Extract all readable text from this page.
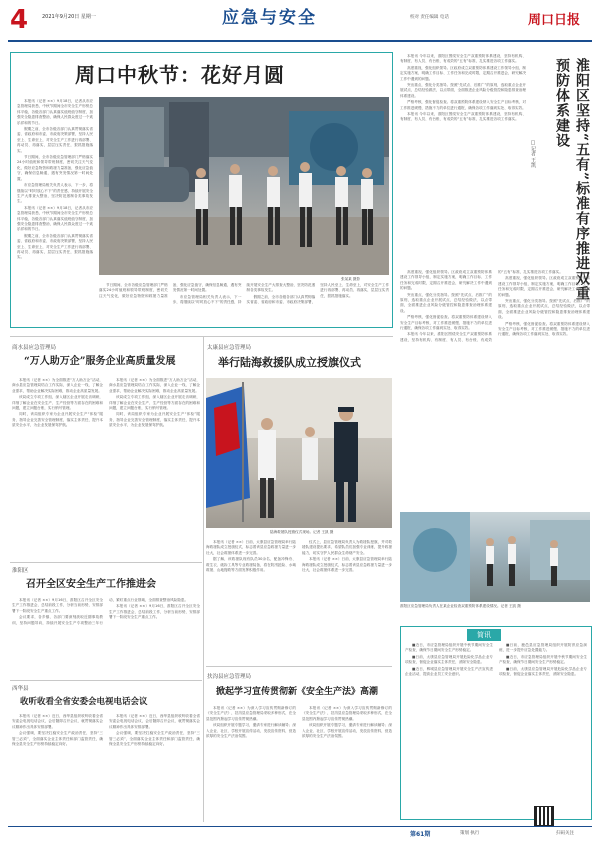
4	2021年9月20日 星期一	应急与安全	校对 责任编辑 电话	周口日报
周口中秋节：花好月圆

本报讯（记者 ××）9月18日，记者从市应急管理局获悉，中秋节期间全市安全生产形势总体平稳，各级各部门认真落实值班值守制度，加强安全隐患排查整治，确保人民群众度过一个欢乐祥和的节日。

假期之前，全市各级各部门认真贯彻落实省委、省政府和市委、市政府决策部署，坚持人民至上、生命至上，对安全生产工作进行再部署、再动员、再落实，层层压实责任，狠抓措施落实。

节日期间，全市各级应急管理部门严格落实24小时值班和领导带班制度，密切关注天气变化，做好应急物资和救援力量准备，强化应急值守，确保信息畅通，遇有突发情况第一时间处置。

市应急管理局相关负责人表示，下一步，将继续以“时时放心不下”的责任感，持续开展安全生产大排查大整治，坚决防范遏制各类事故发生。

本报讯（记者 ××）9月18日，记者从市应急管理局获悉，中秋节期间全市安全生产形势总体平稳，各级各部门认真落实值班值守制度，加强安全隐患排查整治，确保人民群众度过一个欢乐祥和的节日。

假期之前，全市各级各部门认真贯彻落实省委、省政府和市委、市政府决策部署，坚持人民至上、生命至上，对安全生产工作进行再部署、再动员、再落实，层层压实责任，狠抓措施落实。

张某某 摄影

节日期间，全市各级应急管理部门严格落实24小时值班和领导带班制度，密切关注天气变化，做好应急物资和救援力量准备，强化应急值守，确保信息畅通，遇有突发情况第一时间处置。

市应急管理局相关负责人表示，下一步，将继续以“时时放心不下”的责任感，持续开展安全生产大排查大整治，坚决防范遏制各类事故发生。

假期之前，全市各级各部门认真贯彻落实省委、省政府和市委、市政府决策部署，坚持人民至上、生命至上，对安全生产工作进行再部署、再动员、再落实，层层压实责任，狠抓措施落实。

本报讯 今年以来，淮阳区围绕安全生产双重预防体系建设，坚持有机构、有制度、有人员、有台账、有成效的“五有”标准，扎实推进各项工作落实。

高度重视，强化组织领导。区政府成立双重预防体系建设工作领导小组，制定实施方案，明确工作目标、工作任务和完成时限，定期召开推进会，研究解决工作中遇到的问题。

突出重点，强化分类指导。按照“先试点、后推广”的原则，选取重点企业开展试点，总结经验做法，以点带面，全面推进企业风险分级管控和隐患排查治理体系建设。

严格考核，强化督促检查。将双重预防体系建设纳入安全生产目标考核，对工作推进缓慢、措施不力的单位进行通报，确保各项工作落到实处、取得实效。

本报讯 今年以来，淮阳区围绕安全生产双重预防体系建设，坚持有机构、有制度、有人员、有台账、有成效的“五有”标准，扎实推进各项工作落实。	淮阳区坚持“五有”标准有序推进双重预防体系建设
□记者 王凯

高度重视，强化组织领导。区政府成立双重预防体系建设工作领导小组，制定实施方案，明确工作目标、工作任务和完成时限，定期召开推进会，研究解决工作中遇到的问题。

突出重点，强化分类指导。按照“先试点、后推广”的原则，选取重点企业开展试点，总结经验做法，以点带面，全面推进企业风险分级管控和隐患排查治理体系建设。

严格考核，强化督促检查。将双重预防体系建设纳入安全生产目标考核，对工作推进缓慢、措施不力的单位进行通报，确保各项工作落到实处、取得实效。

本报讯 今年以来，淮阳区围绕安全生产双重预防体系建设，坚持有机构、有制度、有人员、有台账、有成效的“五有”标准，扎实推进各项工作落实。

高度重视，强化组织领导。区政府成立双重预防体系建设工作领导小组，制定实施方案，明确工作目标、工作任务和完成时限，定期召开推进会，研究解决工作中遇到的问题。

突出重点，强化分类指导。按照“先试点、后推广”的原则，选取重点企业开展试点，总结经验做法，以点带面，全面推进企业风险分级管控和隐患排查治理体系建设。

严格考核，强化督促检查。将双重预防体系建设纳入安全生产目标考核，对工作推进缓慢、措施不力的单位进行通报，确保各项工作落到实处、取得实效。

淮阳区应急管理局负责人在某企业检查双重预防体系建设情况。记者 王凯 摄
简讯

■近日，市应急管理局组织开展中秋节期间安全生产检查，确保节日期间安全生产形势稳定。

■日前，太康县应急管理局开展危险化学品企业专项检查，督促企业落实主体责任，消除安全隐患。

■近日，郸城县应急管理局开展安全生产法宣传进企业活动，提高企业员工安全意识。

■日前，鹿邑县应急管理局组织开展防汛应急演练，进一步提升应急处置能力。

■近日，市应急管理局组织开展中秋节期间安全生产检查，确保节日期间安全生产形势稳定。

■日前，太康县应急管理局开展危险化学品企业专项检查，督促企业落实主体责任，消除安全隐患。

商水县应急管理局
“万人助万企”服务企业高质量发展

本报讯（记者 ××）为全面推进“万人助万企”活动，商水县应急管理局结合工作实际，深入企业一线，了解企业需求，帮助企业解决实际困难，推动企业高质量发展。

该局成立专项工作组，深入辖区企业开展走访调研，详细了解企业在安全生产、生产经营等方面存在的困难和问题，建立问题台账，实行销号管理。

同时，该局组织专家为企业开展安全生产“体检”服务，指导企业完善安全管理制度，落实主体责任，提升本质安全水平，为企业发展保驾护航。

本报讯（记者 ××）为全面推进“万人助万企”活动，商水县应急管理局结合工作实际，深入企业一线，了解企业需求，帮助企业解决实际困难，推动企业高质量发展。

该局成立专项工作组，深入辖区企业开展走访调研，详细了解企业在安全生产、生产经营等方面存在的困难和问题，建立问题台账，实行销号管理。

同时，该局组织专家为企业开展安全生产“体检”服务，指导企业完善安全管理制度，落实主体责任，提升本质安全水平，为企业发展保驾护航。

淮阳区
召开全区安全生产工作推进会

本报讯（记者 ××）9月16日，淮阳区召开全区安全生产工作推进会，总结前段工作，分析当前形势，安排部署下一阶段安全生产重点工作。

会议要求，各乡镇、各部门要深刻汲取近期事故教训，坚持问题导向，持续开展安全生产专项整治三年行动，紧盯重点行业领域，全面排查整治风险隐患。

本报讯（记者 ××）9月16日，淮阳区召开全区安全生产工作推进会，总结前段工作，分析当前形势，安排部署下一阶段安全生产重点工作。

西华县
收听收看全省安委会电视电话会议

本报讯（记者 ××）近日，西华县组织收听收看全省安委会电视电话会议，会后随即召开会议，就贯彻落实会议精神作出具体安排部署。

会议强调，要坚决扛稳安全生产政治责任，坚持“三管三必须”，全面落实企业主体责任和部门监管责任，确保全县安全生产形势持续稳定向好。

本报讯（记者 ××）近日，西华县组织收听收看全省安委会电视电话会议，会后随即召开会议，就贯彻落实会议精神作出具体安排部署。

会议强调，要坚决扛稳安全生产政治责任，坚持“三管三必须”，全面落实企业主体责任和部门监管责任，确保全县安全生产形势持续稳定向好。

太康县应急管理局
举行陆海救援队成立授旗仪式
陆海救援队授旗仪式现场。记者 王凯 摄

本报讯（记者 ××）日前，太康县应急管理局举行陆海救援队成立授旗仪式，标志着该县应急救援力量进一步壮大，社会救援体系进一步完善。

据了解，该救援队现有队员30余名，配备冲锋舟、救生衣、破拆工具等专业救援装备，将在防汛抢险、水域救援、山地搜救等方面发挥积极作用。

仪式上，县应急管理局负责人为救援队授旗，并对救援队建设提出要求，希望队员们加强专业训练，提升救援能力，切实守护人民群众生命财产安全。

本报讯（记者 ××）日前，太康县应急管理局举行陆海救援队成立授旗仪式，标志着该县应急救援力量进一步壮大，社会救援体系进一步完善。

扶沟县应急管理局
掀起学习宣传贯彻新《安全生产法》高潮

本报讯（记者 ××）为深入学习宣传贯彻新修订的《安全生产法》，扶沟县应急管理局采取多种形式，在全县范围内掀起学习宣传贯彻热潮。

该局组织开展专题学习，邀请专家进行解读辅导；深入企业、社区、学校开展宣传活动，发放宣传资料，营造浓厚的安全生产法治氛围。

本报讯（记者 ××）为深入学习宣传贯彻新修订的《安全生产法》，扶沟县应急管理局采取多种形式，在全县范围内掀起学习宣传贯彻热潮。

该局组织开展专题学习，邀请专家进行解读辅导；深入企业、社区、学校开展宣传活动，发放宣传资料，营造浓厚的安全生产法治氛围。

策划 执行
第61期	扫码关注
